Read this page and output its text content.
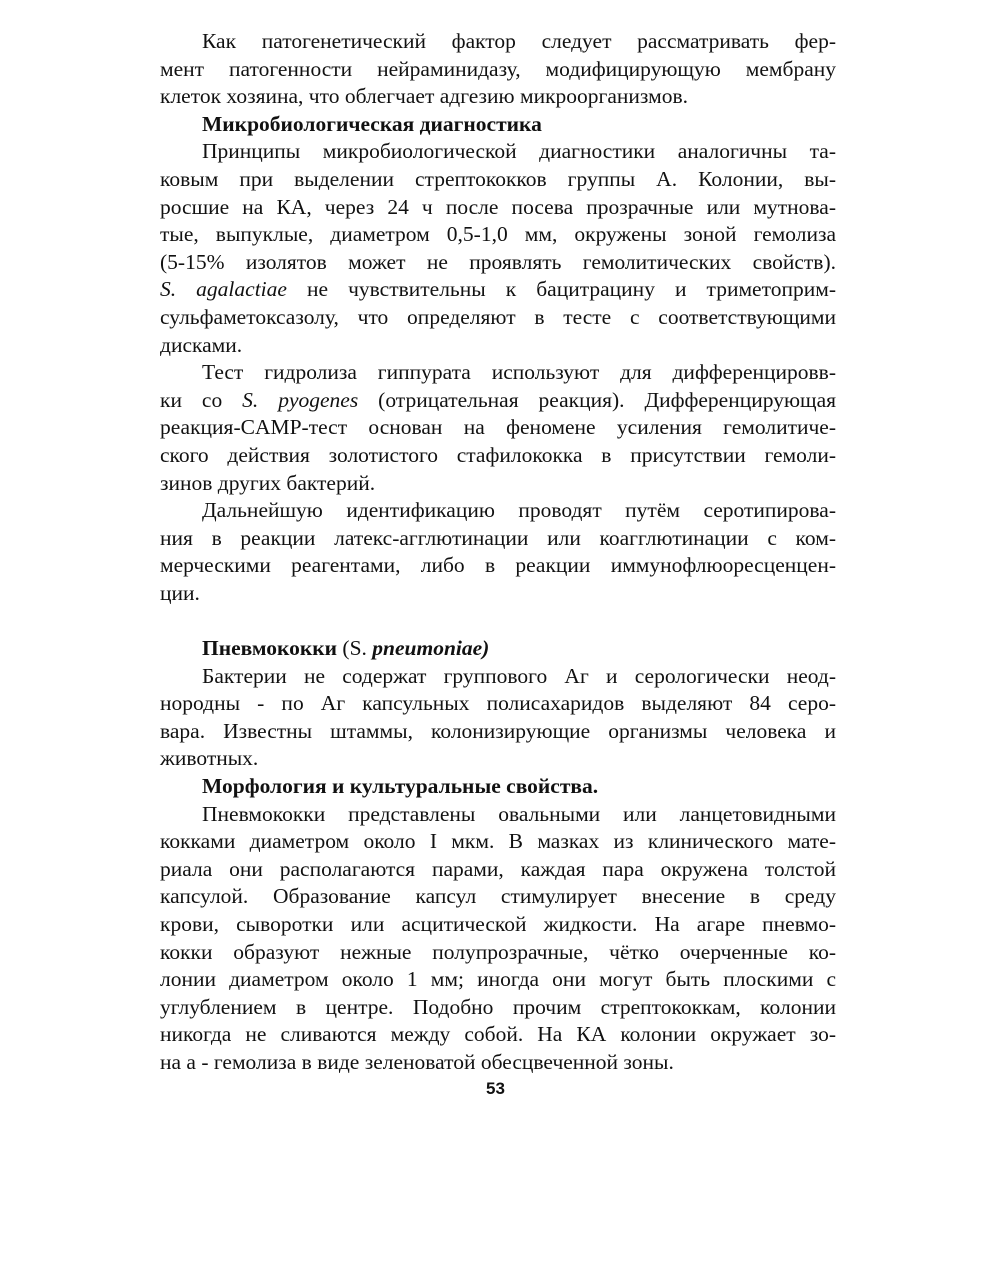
Как патогенетический фактор следует рассматривать фер-
мент патогенности нейраминидазу, модифицирующую мембрану
клеток хозяина, что облегчает адгезию микроорганизмов.
Микробиологическая диагностика
Принципы микробиологической диагностики аналогичны та-
ковым при выделении стрептококков группы А. Колонии, вы-
росшие на КА, через 24 ч после посева прозрачные или мутнова-
тые, выпуклые, диаметром 0,5-1,0 мм, окружены зоной гемолиза
(5-15% изолятов может не проявлять гемолитических свойств).
S. agalactiae не чувствительны к бацитрацину и триметоприм-
сульфаметоксазолу, что определяют в тесте с соответствующими
дисками.
Тест гидролиза гиппурата используют для дифференцировв-
ки со S. pyogenes (отрицательная реакция). Дифференцирующая
реакция-CAMP-тест основан на феномене усиления гемолитиче-
ского действия золотистого стафилококка в присутствии гемоли-
зинов других бактерий.
Дальнейшую идентификацию проводят путём серотипирова-
ния в реакции латекс-агглютинации или коагглютинации с ком-
мерческими реагентами, либо в реакции иммунофлюоресценцен-
ции.
Пневмококки (S. pneumoniae)
Бактерии не содержат группового Аг и серологически неод-
нородны - по Аг капсульных полисахаридов выделяют 84 серо-
вара. Известны штаммы, колонизирующие организмы человека и
животных.
Морфология и культуральные свойства.
Пневмококки представлены овальными или ланцетовидными
кокками диаметром около I мкм. В мазках из клинического мате-
риала они располагаются парами, каждая пара окружена толстой
капсулой. Образование капсул стимулирует внесение в среду
крови, сыворотки или асцитической жидкости. На агаре пневмо-
кокки образуют нежные полупрозрачные, чётко очерченные ко-
лонии диаметром около 1 мм; иногда они могут быть плоскими с
углублением в центре. Подобно прочим стрептококкам, колонии
никогда не сливаются между собой. На КА колонии окружает зо-
на а - гемолиза в виде зеленоватой обесцвеченной зоны.
53
